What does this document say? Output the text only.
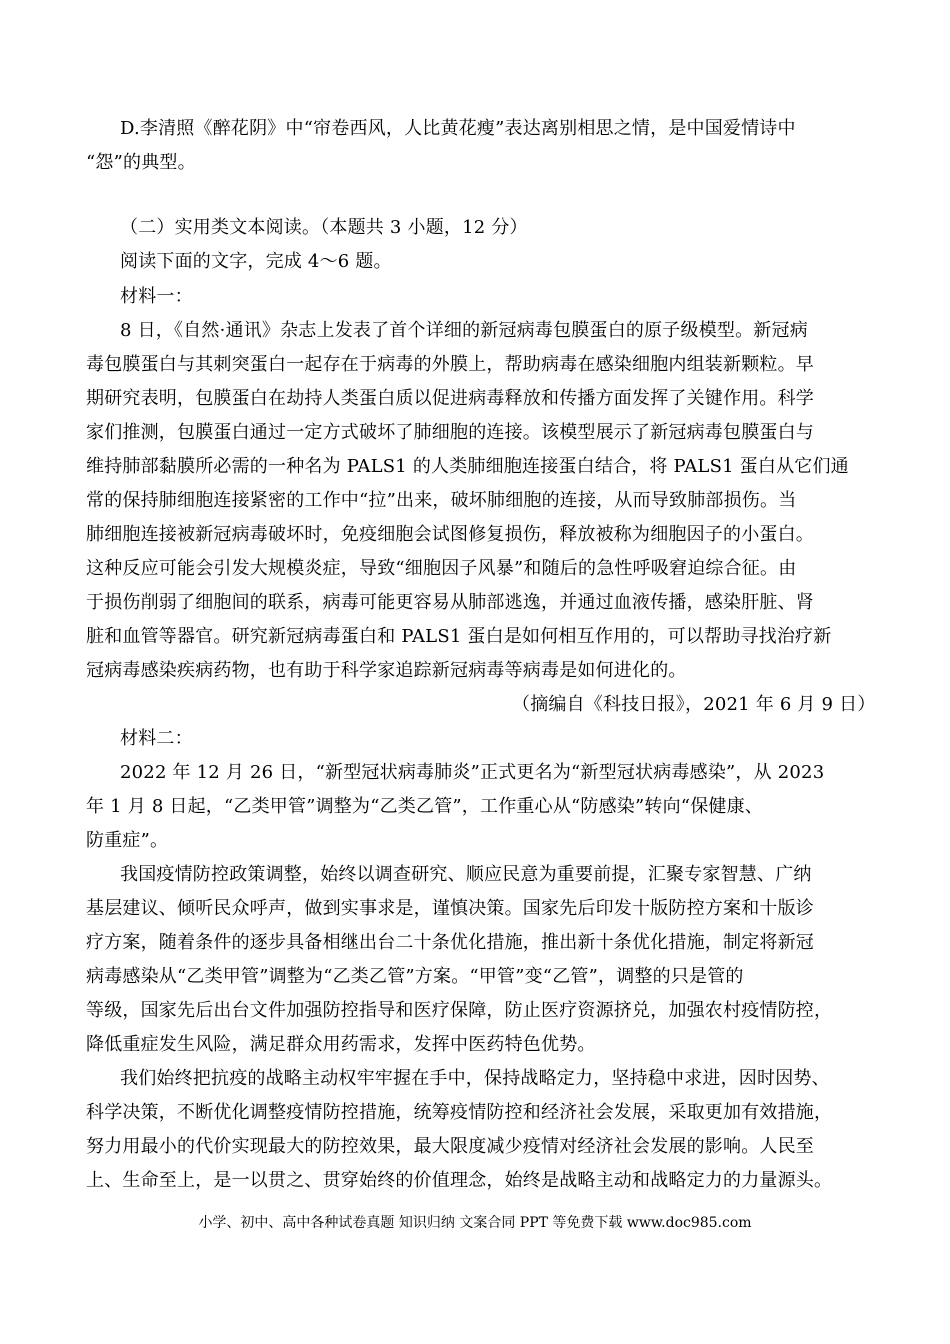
D.李清照《醉花阴》中“帘卷西风，人比黄花瘦”表达离别相思之情，是中国爱情诗中
“怨”的典型。
（二）实用类文本阅读。（本题共 3 小题，12 分）
阅读下面的文字，完成 4～6 题。
材料一：
8 日，《自然·通讯》杂志上发表了首个详细的新冠病毒包膜蛋白的原子级模型。新冠病
毒包膜蛋白与其刺突蛋白一起存在于病毒的外膜上，帮助病毒在感染细胞内组装新颗粒。早
期研究表明，包膜蛋白在劫持人类蛋白质以促进病毒释放和传播方面发挥了关键作用。科学
家们推测，包膜蛋白通过一定方式破坏了肺细胞的连接。该模型展示了新冠病毒包膜蛋白与
维持肺部黏膜所必需的一种名为 PALS1 的人类肺细胞连接蛋白结合，将 PALS1 蛋白从它们通
常的保持肺细胞连接紧密的工作中“拉”出来，破坏肺细胞的连接，从而导致肺部损伤。当
肺细胞连接被新冠病毒破坏时，免疫细胞会试图修复损伤，释放被称为细胞因子的小蛋白。
这种反应可能会引发大规模炎症，导致“细胞因子风暴”和随后的急性呼吸窘迫综合征。由
于损伤削弱了细胞间的联系，病毒可能更容易从肺部逃逸，并通过血液传播，感染肝脏、肾
脏和血管等器官。研究新冠病毒蛋白和 PALS1 蛋白是如何相互作用的，可以帮助寻找治疗新
冠病毒感染疾病药物，也有助于科学家追踪新冠病毒等病毒是如何进化的。
（摘编自《科技日报》，2021 年 6 月 9 日）
材料二：
2022 年 12 月 26 日，“新型冠状病毒肺炎”正式更名为“新型冠状病毒感染”，从 2023
年 1 月 8 日起，“乙类甲管”调整为“乙类乙管”，工作重心从“防感染”转向“保健康、
防重症”。
我国疫情防控政策调整，始终以调查研究、顺应民意为重要前提，汇聚专家智慧、广纳
基层建议、倾听民众呼声，做到实事求是，谨慎决策。国家先后印发十版防控方案和十版诊
疗方案，随着条件的逐步具备相继出台二十条优化措施，推出新十条优化措施，制定将新冠
病毒感染从“乙类甲管”调整为“乙类乙管”方案。“甲管”变“乙管”，调整的只是管的
等级，国家先后出台文件加强防控指导和医疗保障，防止医疗资源挤兑，加强农村疫情防控，
降低重症发生风险，满足群众用药需求，发挥中医药特色优势。
我们始终把抗疫的战略主动权牢牢握在手中，保持战略定力，坚持稳中求进，因时因势、
科学决策，不断优化调整疫情防控措施，统筹疫情防控和经济社会发展，采取更加有效措施，
努力用最小的代价实现最大的防控效果，最大限度减少疫情对经济社会发展的影响。人民至
上、生命至上，是一以贯之、贯穿始终的价值理念，始终是战略主动和战略定力的力量源头。
小学、初中、高中各种试卷真题 知识归纳 文案合同 PPT 等免费下载 www.doc985.com
